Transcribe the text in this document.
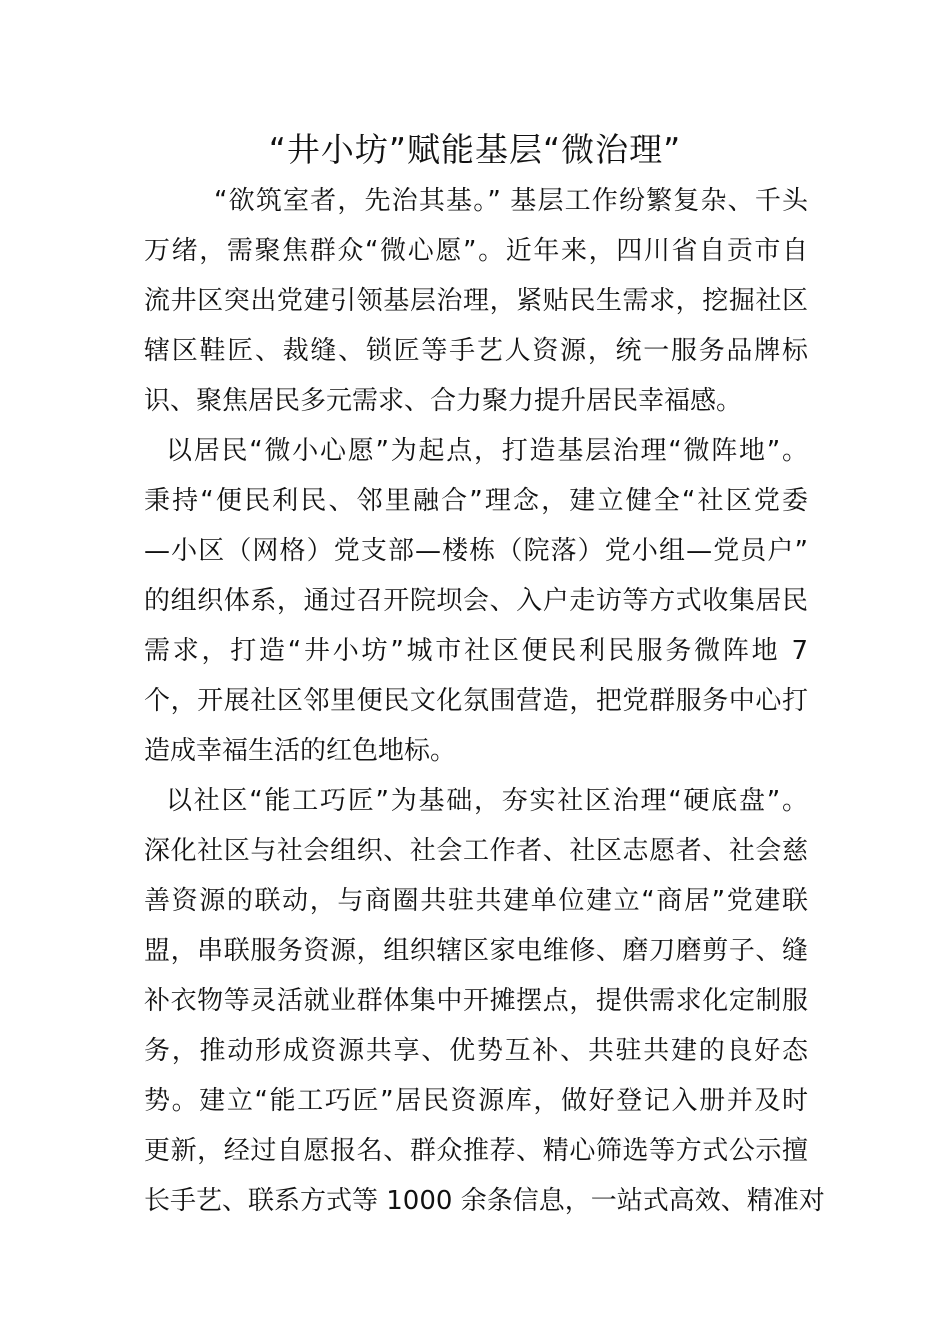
“井小坊”赋能基层“微治理”
“欲筑室者，先治其基。” 基层工作纷繁复杂、千头
万绪，需聚焦群众“微心愿”。近年来，四川省自贡市自
流井区突出党建引领基层治理，紧贴民生需求，挖掘社区
辖区鞋匠、裁缝、锁匠等手艺人资源，统一服务品牌标
识、聚焦居民多元需求、合力聚力提升居民幸福感。
以居民“微小心愿”为起点，打造基层治理“微阵地”。
秉持“便民利民、邻里融合”理念，建立健全“社区党委
—小区（网格）党支部—楼栋（院落）党小组—党员户”
的组织体系，通过召开院坝会、入户走访等方式收集居民
需求，打造“井小坊”城市社区便民利民服务微阵地 7
个，开展社区邻里便民文化氛围营造，把党群服务中心打
造成幸福生活的红色地标。
以社区“能工巧匠”为基础，夯实社区治理“硬底盘”。
深化社区与社会组织、社会工作者、社区志愿者、社会慈
善资源的联动，与商圈共驻共建单位建立“商居”党建联
盟，串联服务资源，组织辖区家电维修、磨刀磨剪子、缝
补衣物等灵活就业群体集中开摊摆点，提供需求化定制服
务，推动形成资源共享、优势互补、共驻共建的良好态
势。建立“能工巧匠”居民资源库，做好登记入册并及时
更新，经过自愿报名、群众推荐、精心筛选等方式公示擅
长手艺、联系方式等 1000 余条信息，一站式高效、精准对
